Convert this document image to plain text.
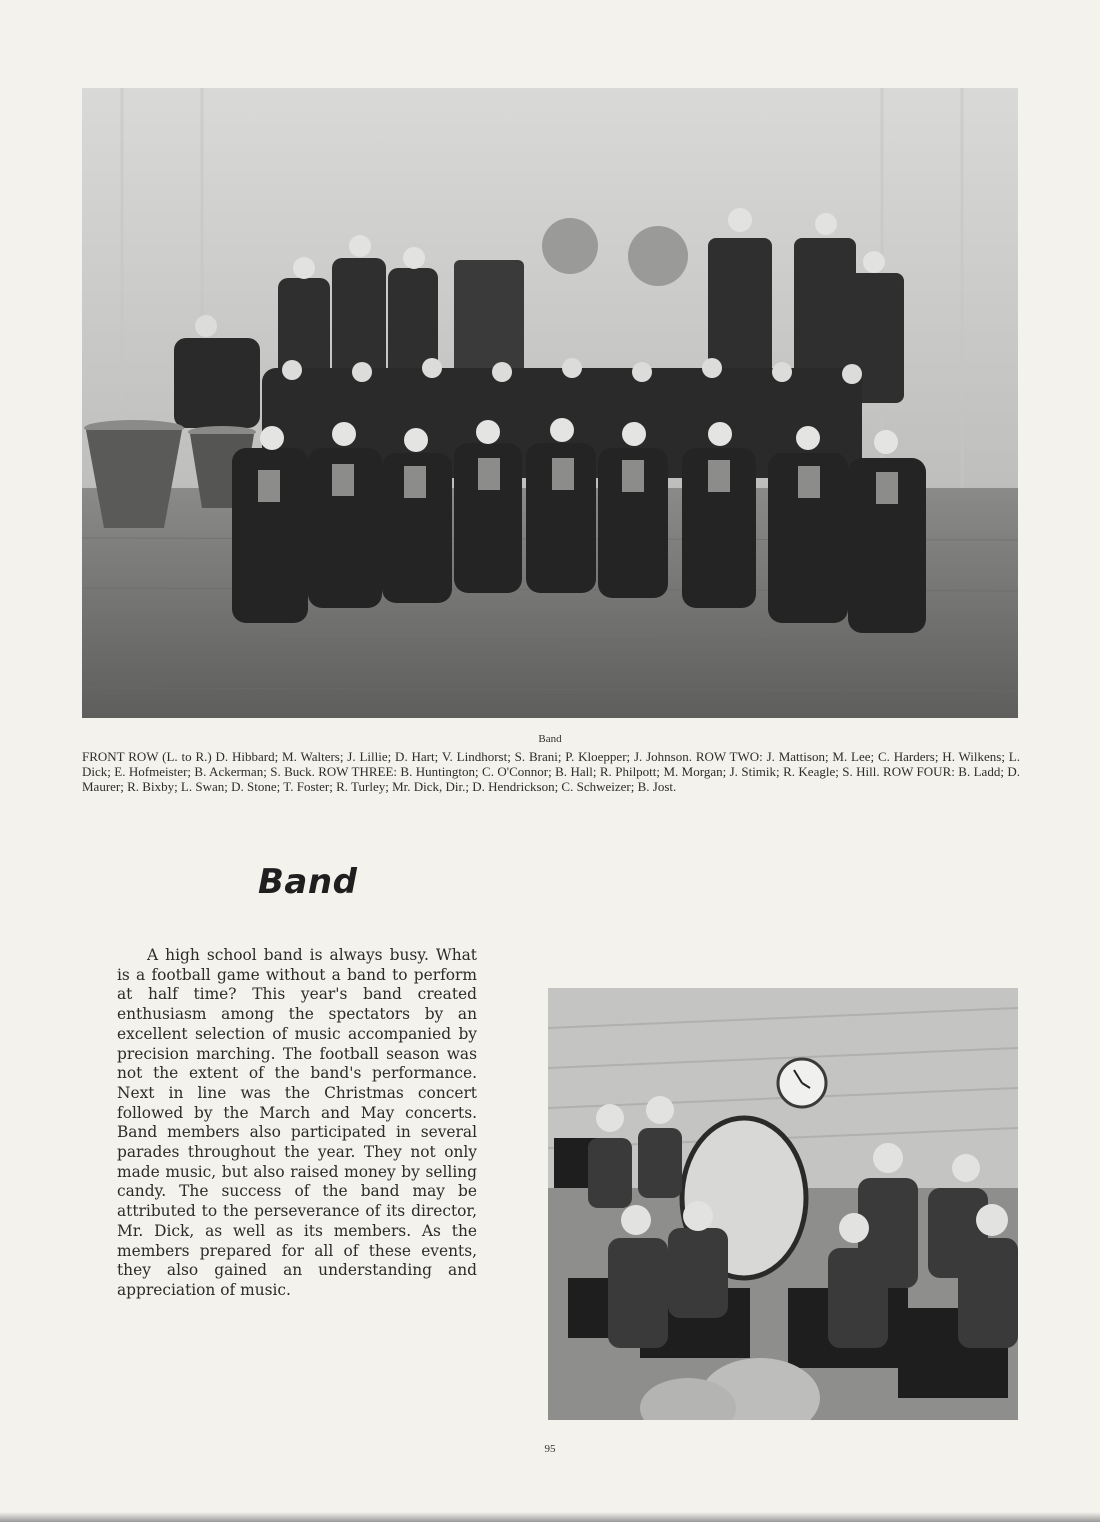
Band
FRONT ROW (L. to R.) D. Hibbard; M. Walters; J. Lillie; D. Hart; V. Lindhorst; S. Brani; P. Kloepper; J. Johnson. ROW TWO: J. Mattison; M. Lee; C. Harders; H. Wilkens; L. Dick; E. Hofmeister; B. Ackerman; S. Buck. ROW THREE: B. Huntington; C. O'Connor; B. Hall; R. Philpott; M. Morgan; J. Stimik; R. Keagle; S. Hill. ROW FOUR: B. Ladd; D. Maurer; R. Bixby; L. Swan; D. Stone; T. Foster; R. Turley; Mr. Dick, Dir.; D. Hendrickson; C. Schweizer; B. Jost.
Band
A high school band is always busy. What is a football game without a band to perform at half time? This year's band created enthusiasm among the spectators by an excellent selection of music accompanied by precision marching. The football season was not the extent of the band's performance. Next in line was the Christmas concert followed by the March and May concerts. Band members also participated in several parades throughout the year. They not only made music, but also raised money by selling candy. The success of the band may be attributed to the perseverance of its director, Mr. Dick, as well as its members. As the members prepared for all of these events, they also gained an understanding and appreciation of music.
95
